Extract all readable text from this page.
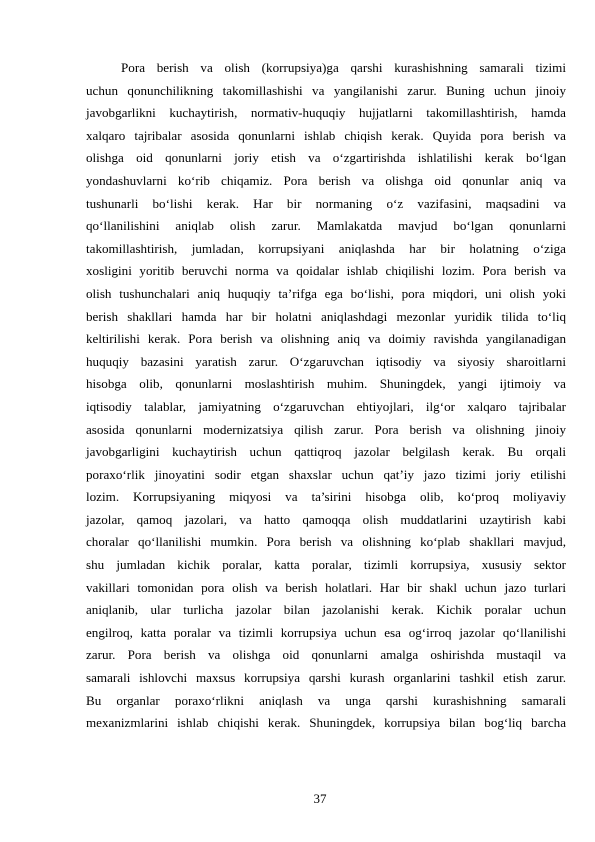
Pora berish va olish (korrupsiya)ga qarshi kurashishning samarali tizimi
uchun qonunchilikning takomillashishi va yangilanishi zarur. Buning uchun jinoiy
javobgarlikni kuchaytirish, normativ-huquqiy hujjatlarni takomillashtirish, hamda
xalqaro tajribalar asosida qonunlarni ishlab chiqish kerak. Quyida pora berish va
olishga oid qonunlarni joriy etish va o‘zgartirishda ishlatilishi kerak bo‘lgan
yondashuvlarni ko‘rib chiqamiz. Pora berish va olishga oid qonunlar aniq va
tushunarli bo‘lishi kerak. Har bir normaning o‘z vazifasini, maqsadini va
qo‘llanilishini aniqlab olish zarur. Mamlakatda mavjud bo‘lgan qonunlarni
takomillashtirish, jumladan, korrupsiyani aniqlashda har bir holatning o‘ziga
xosligini yoritib beruvchi norma va qoidalar ishlab chiqilishi lozim. Pora berish va
olish tushunchalari aniq huquqiy ta’rifga ega bo‘lishi, pora miqdori, uni olish yoki
berish shakllari hamda har bir holatni aniqlashdagi mezonlar yuridik tilida to‘liq
keltirilishi kerak. Pora berish va olishning aniq va doimiy ravishda yangilanadigan
huquqiy bazasini yaratish zarur. O‘zgaruvchan iqtisodiy va siyosiy sharoitlarni
hisobga olib, qonunlarni moslashtirish muhim. Shuningdek, yangi ijtimoiy va
iqtisodiy talablar, jamiyatning o‘zgaruvchan ehtiyojlari, ilg‘or xalqaro tajribalar
asosida qonunlarni modernizatsiya qilish zarur. Pora berish va olishning jinoiy
javobgarligini kuchaytirish uchun qattiqroq jazolar belgilash kerak. Bu orqali
poraxo‘rlik jinoyatini sodir etgan shaxslar uchun qat’iy jazo tizimi joriy etilishi
lozim. Korrupsiyaning miqyosi va ta’sirini hisobga olib, ko‘proq moliyaviy
jazolar, qamoq jazolari, va hatto qamoqqa olish muddatlarini uzaytirish kabi
choralar qo‘llanilishi mumkin. Pora berish va olishning ko‘plab shakllari mavjud,
shu jumladan kichik poralar, katta poralar, tizimli korrupsiya, xususiy sektor
vakillari tomonidan pora olish va berish holatlari. Har bir shakl uchun jazo turlari
aniqlanib, ular turlicha jazolar bilan jazolanishi kerak. Kichik poralar uchun
engilroq, katta poralar va tizimli korrupsiya uchun esa og‘irroq jazolar qo‘llanilishi
zarur. Pora berish va olishga oid qonunlarni amalga oshirishda mustaqil va
samarali ishlovchi maxsus korrupsiya qarshi kurash organlarini tashkil etish zarur.
Bu organlar poraxo‘rlikni aniqlash va unga qarshi kurashishning samarali
mexanizmlarini ishlab chiqishi kerak. Shuningdek, korrupsiya bilan bog‘liq barcha
37
